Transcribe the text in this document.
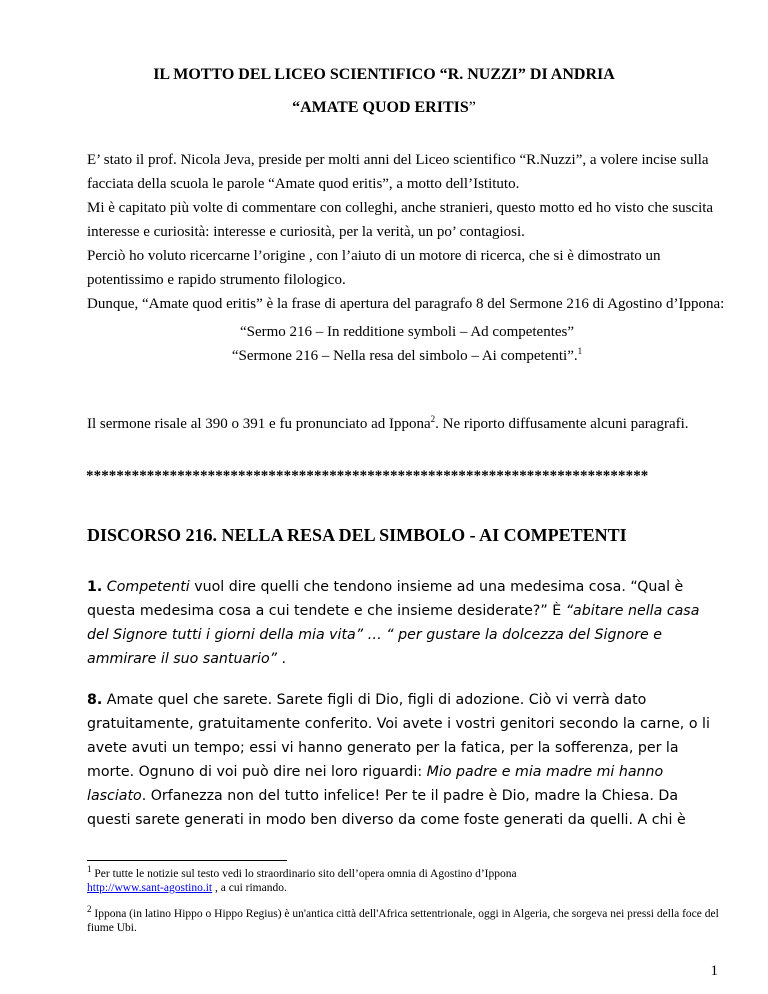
IL MOTTO DEL LICEO SCIENTIFICO “R. NUZZI” DI ANDRIA
“AMATE QUOD ERITIS”

E’ stato il prof. Nicola Jeva, preside per molti anni del Liceo scientifico “R.Nuzzi”, a volere incise sulla facciata della scuola le parole “Amate quod eritis”, a motto dell’Istituto.

Mi è capitato più volte di commentare con colleghi, anche stranieri, questo motto ed ho visto che suscita interesse e curiosità: interesse e curiosità, per la verità, un po’ contagiosi.

Perciò ho voluto ricercarne l’origine , con l’aiuto di un motore di ricerca, che si è dimostrato un potentissimo e rapido strumento filologico.

Dunque, “Amate quod eritis” è la frase di apertura del paragrafo 8 del Sermone 216 di Agostino d’Ippona:

“Sermo 216 – In redditione symboli – Ad competentes”

“Sermone 216 – Nella resa del simbolo – Ai competenti”.$^1$

Il sermone risale al 390 o 391 e fu pronunciato ad Ippona$^2$. Ne riporto diffusamente alcuni paragrafi.

**************************************************************************
DISCORSO 216. NELLA RESA DEL SIMBOLO - AI COMPETENTI

1. Competenti vuol dire quelli che tendono insieme ad una medesima cosa. “Qual è questa medesima cosa a cui tendete e che insieme desiderate?” È “abitare nella casa del Signore tutti i giorni della mia vita” … “ per gustare la dolcezza del Signore e ammirare il suo santuario” .

8. Amate quel che sarete. Sarete figli di Dio, figli di adozione. Ciò vi verrà dato gratuitamente, gratuitamente conferito. Voi avete i vostri genitori secondo la carne, o li avete avuti un tempo; essi vi hanno generato per la fatica, per la sofferenza, per la morte. Ognuno di voi può dire nei loro riguardi: Mio padre e mia madre mi hanno lasciato. Orfanezza non del tutto infelice! Per te il padre è Dio, madre la Chiesa. Da questi sarete generati in modo ben diverso da come foste generati da quelli. A chi è

$^1$ Per tutte le notizie sul testo vedi lo straordinario sito dell’opera omnia di Agostino d’Ippona
http://www.sant-agostino.it , a cui rimando.
$^2$ Ippona (in latino Hippo o Hippo Regius) è un'antica città dell'Africa settentrionale, oggi in Algeria, che sorgeva nei pressi della foce del fiume Ubi.
1
